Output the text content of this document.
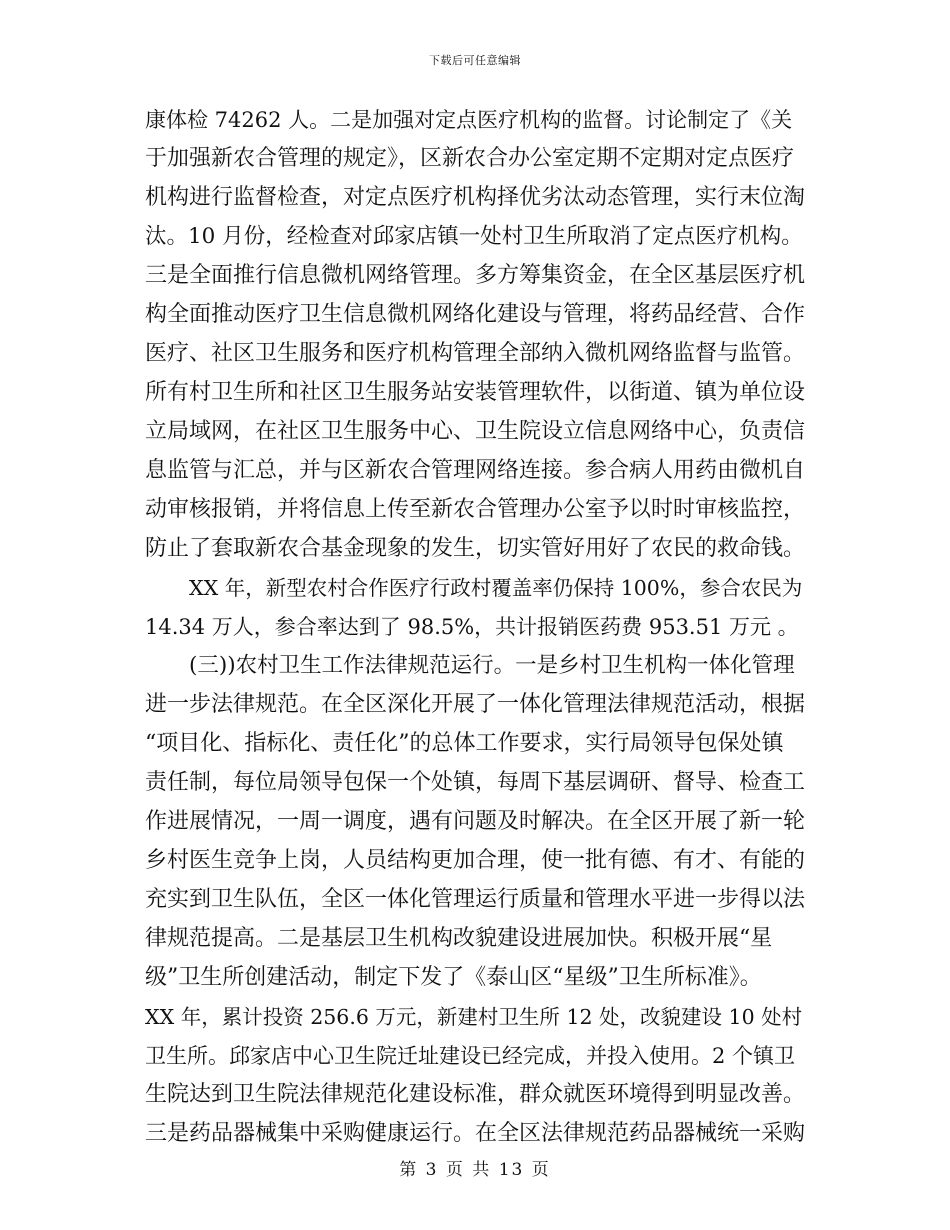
下载后可任意编辑
康体检 74262 人。二是加强对定点医疗机构的监督。讨论制定了《关
于加强新农合管理的规定》，区新农合办公室定期不定期对定点医疗
机构进行监督检查，对定点医疗机构择优劣汰动态管理，实行末位淘
汰。10 月份，经检查对邱家店镇一处村卫生所取消了定点医疗机构。
三是全面推行信息微机网络管理。多方筹集资金，在全区基层医疗机
构全面推动医疗卫生信息微机网络化建设与管理，将药品经营、合作
医疗、社区卫生服务和医疗机构管理全部纳入微机网络监督与监管。
所有村卫生所和社区卫生服务站安装管理软件，以街道、镇为单位设
立局域网，在社区卫生服务中心、卫生院设立信息网络中心，负责信
息监管与汇总，并与区新农合管理网络连接。参合病人用药由微机自
动审核报销，并将信息上传至新农合管理办公室予以时时审核监控，
防止了套取新农合基金现象的发生，切实管好用好了农民的救命钱。
XX 年，新型农村合作医疗行政村覆盖率仍保持 100%，参合农民为
14.34 万人，参合率达到了 98.5%，共计报销医药费 953.51 万元 。
(三))农村卫生工作法律规范运行。一是乡村卫生机构一体化管理
进一步法律规范。在全区深化开展了一体化管理法律规范活动，根据
“项目化、指标化、责任化”的总体工作要求，实行局领导包保处镇
责任制，每位局领导包保一个处镇，每周下基层调研、督导、检查工
作进展情况，一周一调度，遇有问题及时解决。在全区开展了新一轮
乡村医生竞争上岗，人员结构更加合理，使一批有德、有才、有能的
充实到卫生队伍，全区一体化管理运行质量和管理水平进一步得以法
律规范提高。二是基层卫生机构改貌建设进展加快。积极开展“星
级”卫生所创建活动，制定下发了《泰山区“星级”卫生所标准》。
XX 年，累计投资 256.6 万元，新建村卫生所 12 处，改貌建设 10 处村
卫生所。邱家店中心卫生院迁址建设已经完成，并投入使用。2 个镇卫
生院达到卫生院法律规范化建设标准，群众就医环境得到明显改善。
三是药品器械集中采购健康运行。在全区法律规范药品器械统一采购
第 3 页 共 13 页
